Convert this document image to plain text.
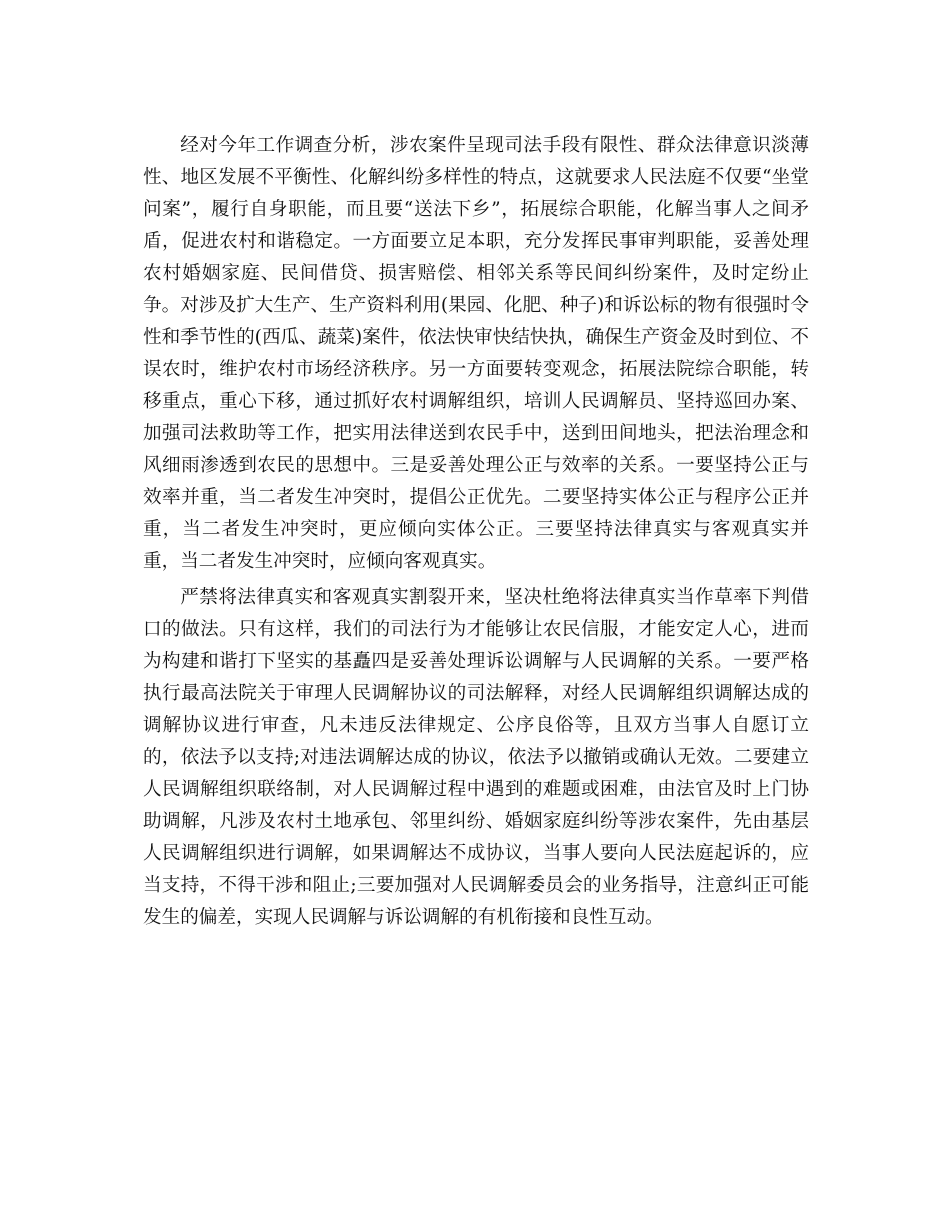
经对今年工作调查分析，涉农案件呈现司法手段有限性、群众法律意识淡薄性、地区发展不平衡性、化解纠纷多样性的特点，这就要求人民法庭不仅要“坐堂问案”，履行自身职能，而且要“送法下乡”，拓展综合职能，化解当事人之间矛盾，促进农村和谐稳定。一方面要立足本职，充分发挥民事审判职能，妥善处理农村婚姻家庭、民间借贷、损害赔偿、相邻关系等民间纠纷案件，及时定纷止争。对涉及扩大生产、生产资料利用(果园、化肥、种子)和诉讼标的物有很强时令性和季节性的(西瓜、蔬菜)案件，依法快审快结快执，确保生产资金及时到位、不误农时，维护农村市场经济秩序。另一方面要转变观念，拓展法院综合职能，转移重点，重心下移，通过抓好农村调解组织，培训人民调解员、坚持巡回办案、加强司法救助等工作，把实用法律送到农民手中，送到田间地头，把法治理念和风细雨渗透到农民的思想中。三是妥善处理公正与效率的关系。一要坚持公正与效率并重，当二者发生冲突时，提倡公正优先。二要坚持实体公正与程序公正并重，当二者发生冲突时，更应倾向实体公正。三要坚持法律真实与客观真实并重，当二者发生冲突时，应倾向客观真实。

严禁将法律真实和客观真实割裂开来，坚决杜绝将法律真实当作草率下判借口的做法。只有这样，我们的司法行为才能够让农民信服，才能安定人心，进而为构建和谐打下坚实的基矗四是妥善处理诉讼调解与人民调解的关系。一要严格执行最高法院关于审理人民调解协议的司法解释，对经人民调解组织调解达成的调解协议进行审查，凡未违反法律规定、公序良俗等，且双方当事人自愿订立的，依法予以支持;对违法调解达成的协议，依法予以撤销或确认无效。二要建立人民调解组织联络制，对人民调解过程中遇到的难题或困难，由法官及时上门协助调解，凡涉及农村土地承包、邻里纠纷、婚姻家庭纠纷等涉农案件，先由基层人民调解组织进行调解，如果调解达不成协议，当事人要向人民法庭起诉的，应当支持，不得干涉和阻止;三要加强对人民调解委员会的业务指导，注意纠正可能发生的偏差，实现人民调解与诉讼调解的有机衔接和良性互动。
